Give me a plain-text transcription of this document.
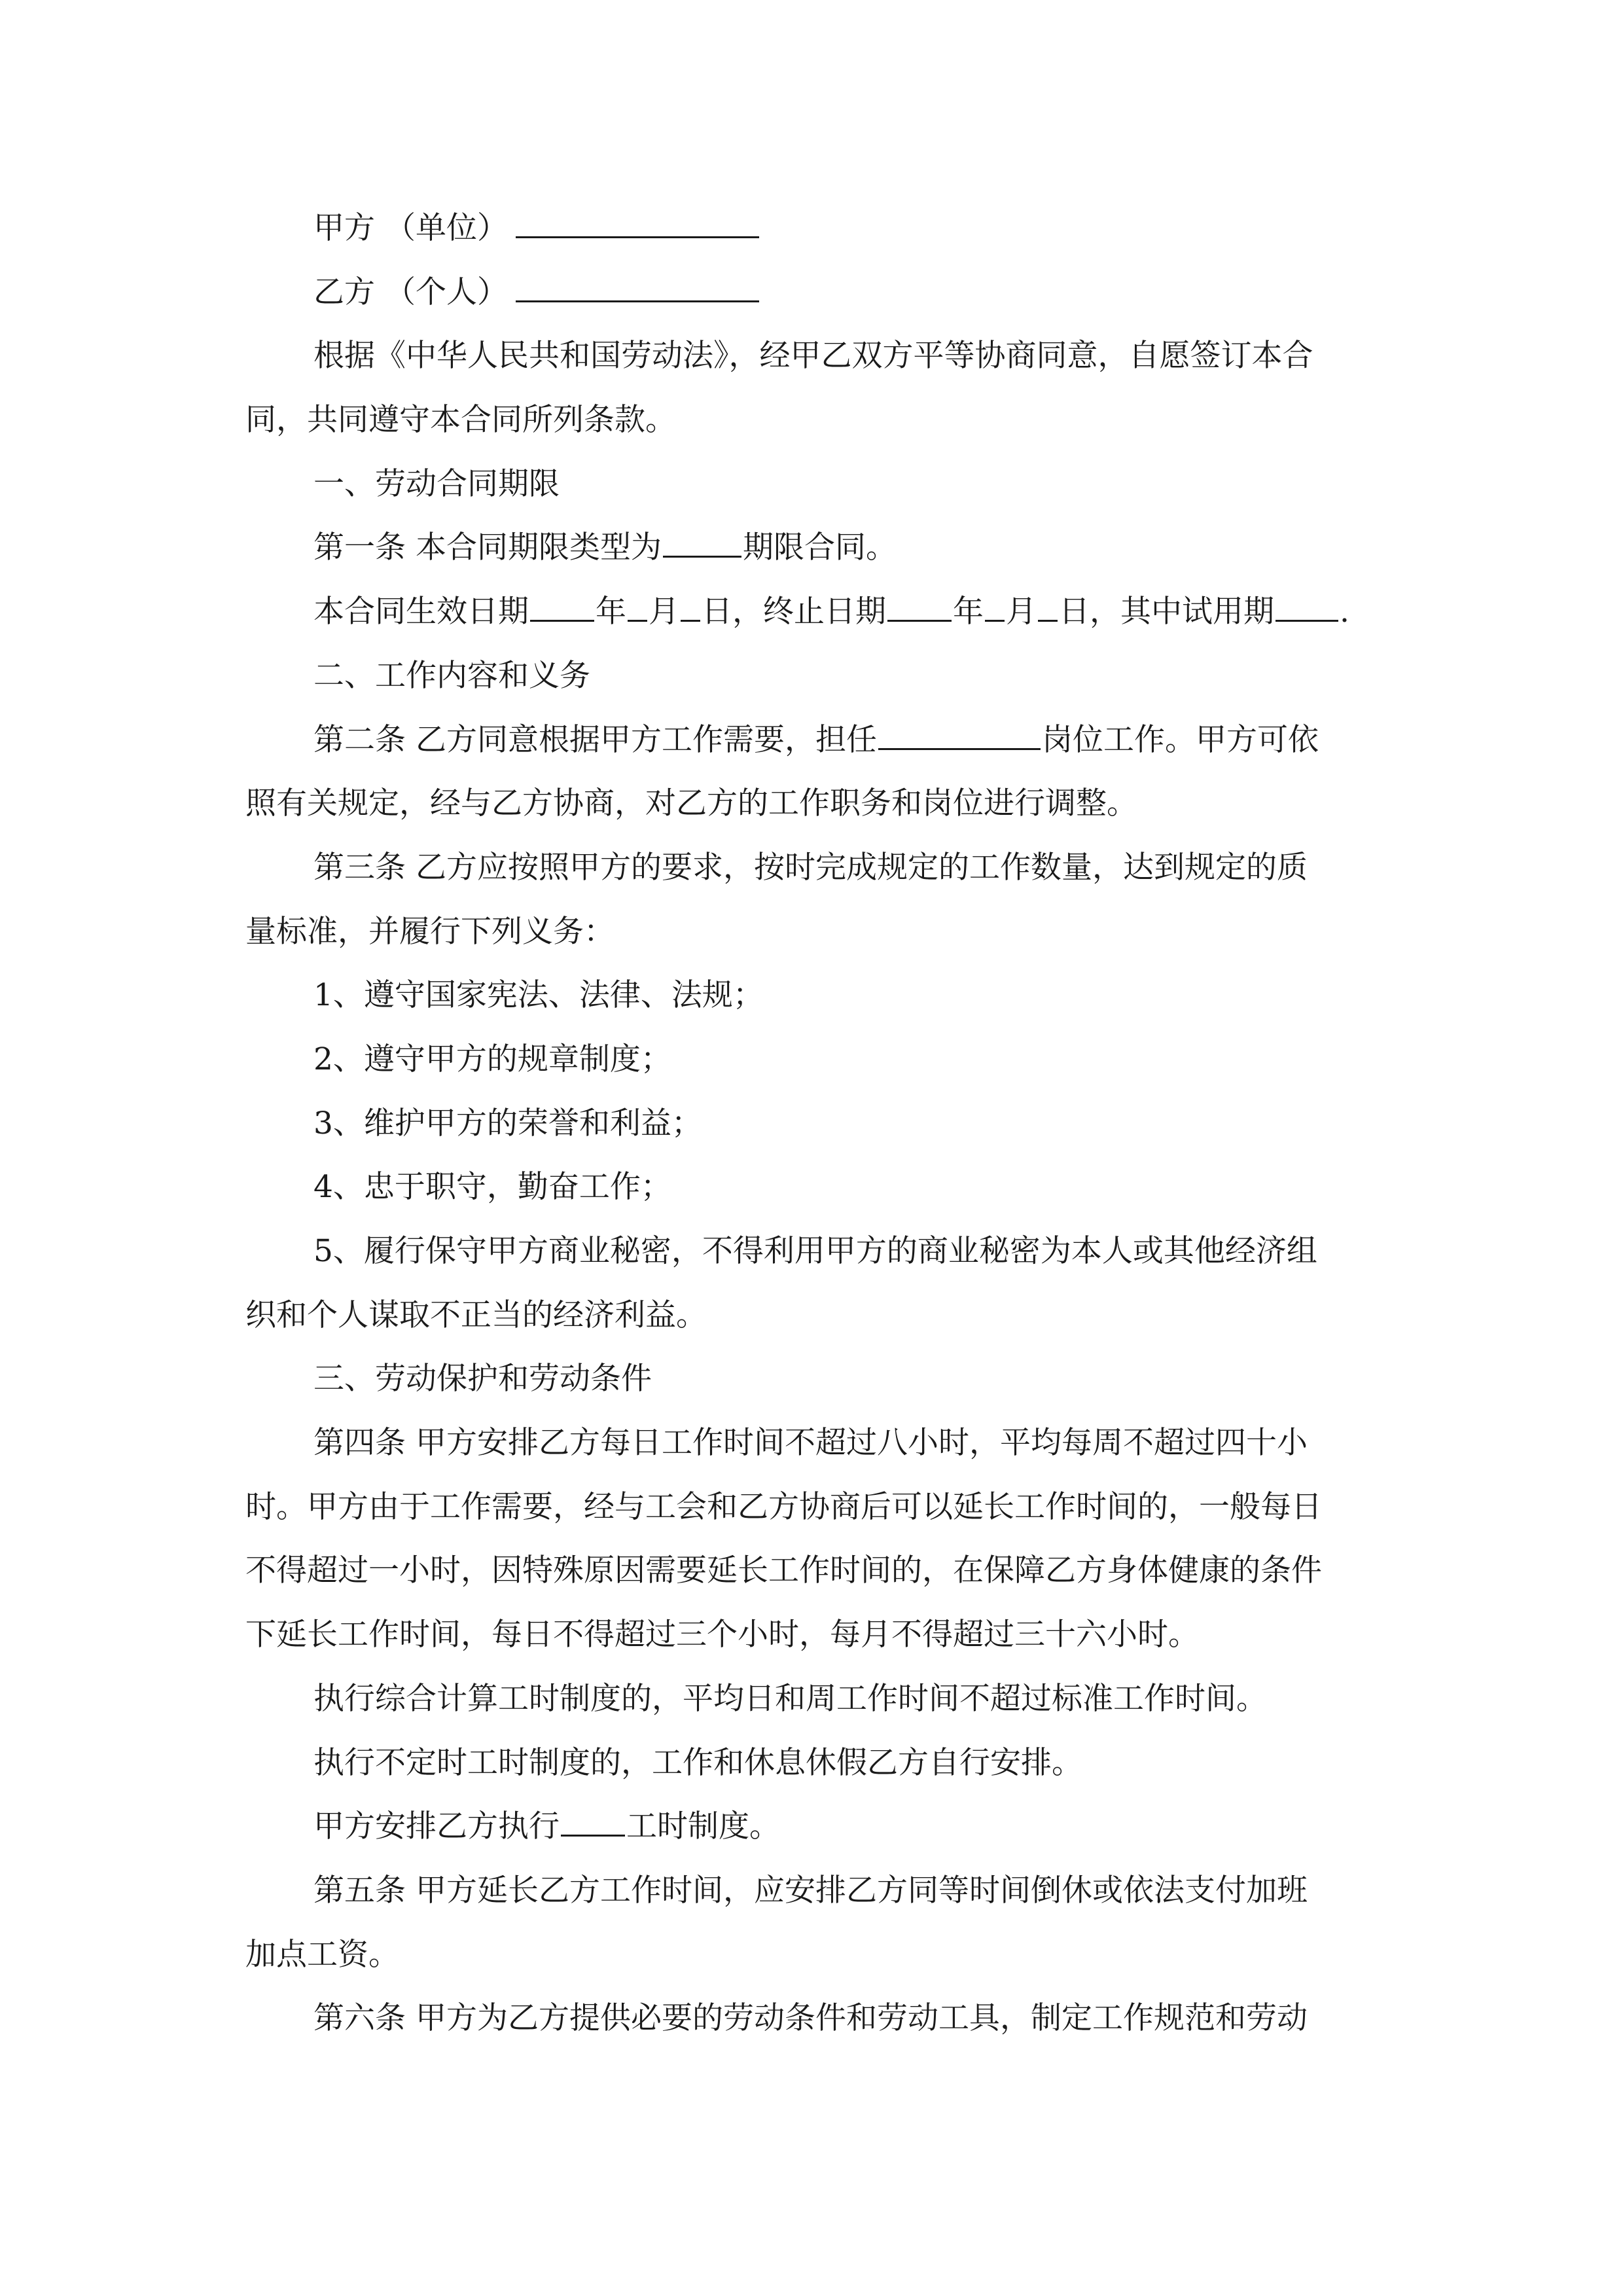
甲方 （单位）
乙方 （个人）
根据《中华人民共和国劳动法》，经甲乙双方平等协商同意，自愿签订本合
同，共同遵守本合同所列条款。
一、劳动合同期限
第一条 本合同期限类型为	期限合同。
本合同生效日期 年 月 日，终止日期 年 月 日，其中试用期 .
二、工作内容和义务
第二条 乙方同意根据甲方工作需要，担任	岗位工作。甲方可依
照有关规定，经与乙方协商，对乙方的工作职务和岗位进行调整。
第三条 乙方应按照甲方的要求，按时完成规定的工作数量，达到规定的质
量标准，并履行下列义务：
1、遵守国家宪法、法律、法规；
2、遵守甲方的规章制度；
3、维护甲方的荣誉和利益；
4、忠于职守，勤奋工作；
5、履行保守甲方商业秘密，不得利用甲方的商业秘密为本人或其他经济组
织和个人谋取不正当的经济利益。
三、劳动保护和劳动条件
第四条 甲方安排乙方每日工作时间不超过八小时，平均每周不超过四十小
时。甲方由于工作需要，经与工会和乙方协商后可以延长工作时间的，一般每日
不得超过一小时，因特殊原因需要延长工作时间的，在保障乙方身体健康的条件
下延长工作时间，每日不得超过三个小时，每月不得超过三十六小时。
执行综合计算工时制度的，平均日和周工作时间不超过标准工作时间。
执行不定时工时制度的，工作和休息休假乙方自行安排。
甲方安排乙方执行 工时制度。
第五条 甲方延长乙方工作时间，应安排乙方同等时间倒休或依法支付加班
加点工资。
第六条 甲方为乙方提供必要的劳动条件和劳动工具，制定工作规范和劳动
